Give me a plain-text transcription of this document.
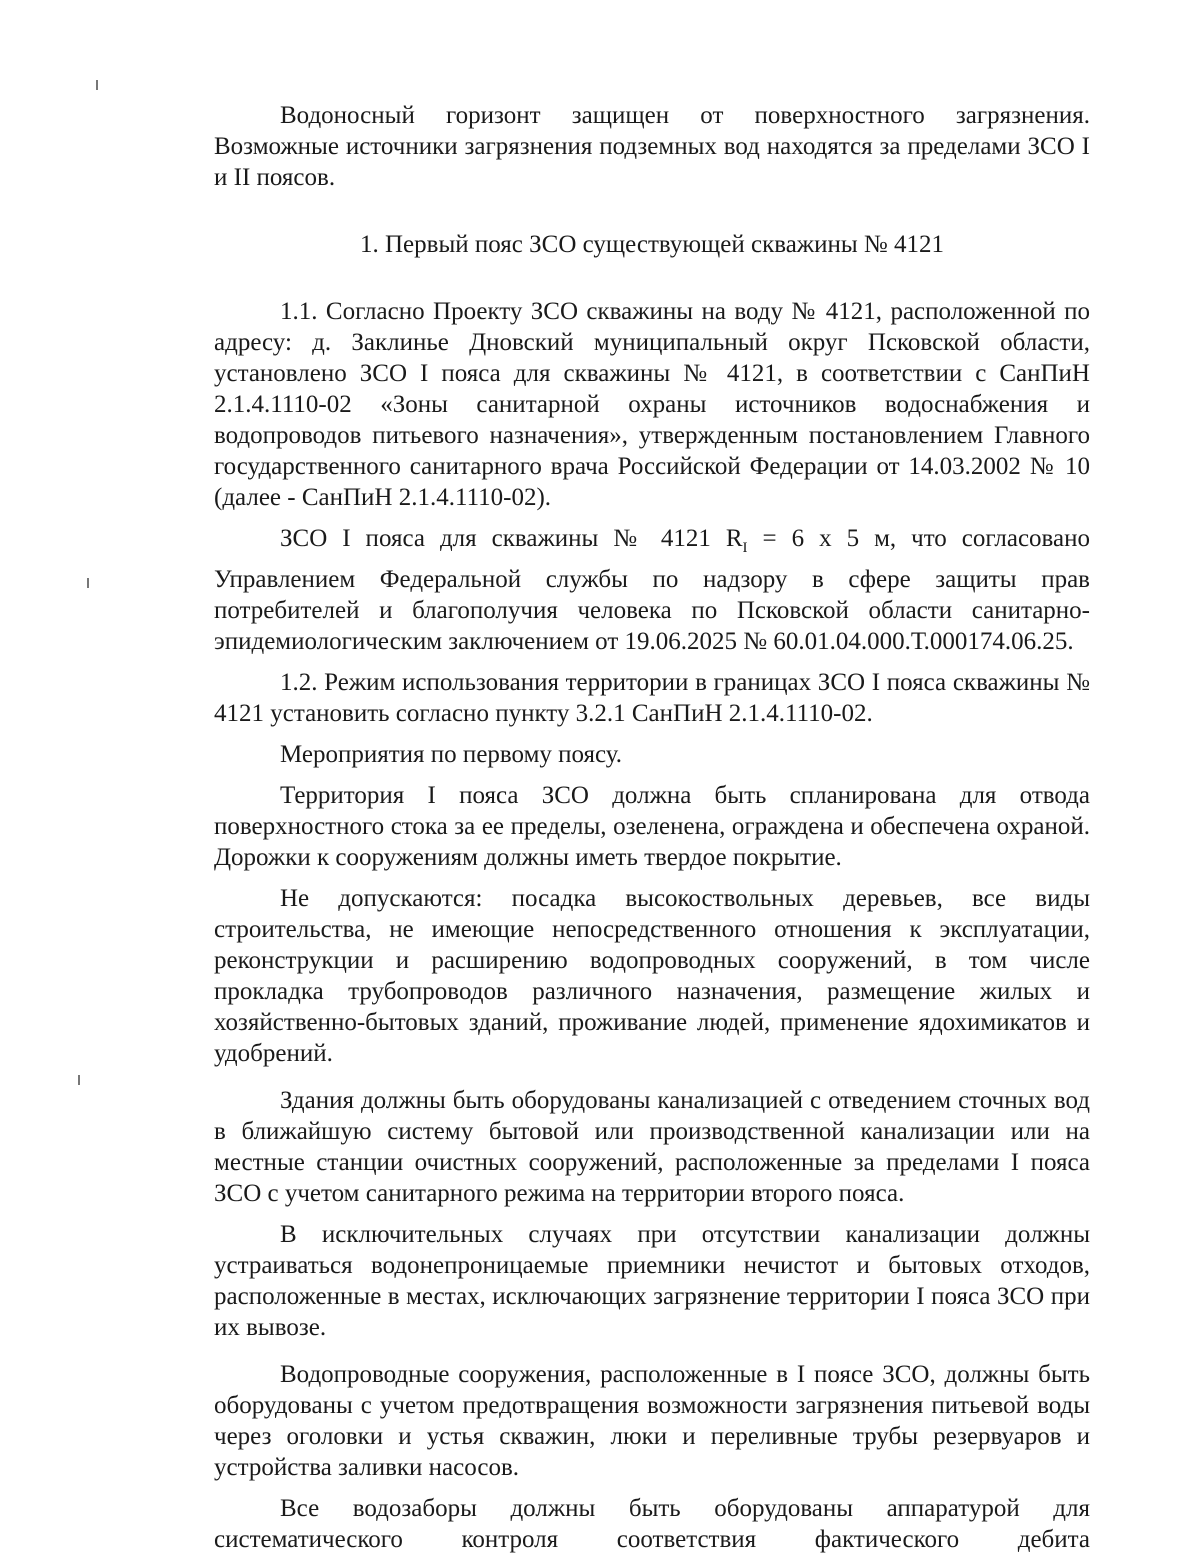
Водоносный горизонт защищен от поверхностного загрязнения. Возможные источники загрязнения подземных вод находятся за пределами ЗСО I и II поясов.

1. Первый пояс ЗСО существующей скважины № 4121

1.1. Согласно Проекту ЗСО скважины на воду № 4121, расположенной по адресу: д. Заклинье Дновский муниципальный округ Псковской области, установлено ЗСО I пояса для скважины № 4121, в соответствии с СанПиН 2.1.4.1110-02 «Зоны санитарной охраны источников водоснабжения и водопроводов питьевого назначения», утвержденным постановлением Главного государственного санитарного врача Российской Федерации от 14.03.2002 № 10 (далее - СанПиН 2.1.4.1110-02).

ЗСО I пояса для скважины № 4121 $R_I = 6$ х 5 м, что согласовано Управлением Федеральной службы по надзору в сфере защиты прав потребителей и благополучия человека по Псковской области санитарно-эпидемиологическим заключением от 19.06.2025 № 60.01.04.000.Т.000174.06.25.

1.2. Режим использования территории в границах ЗСО I пояса скважины № 4121 установить согласно пункту 3.2.1 СанПиН 2.1.4.1110-02.

Мероприятия по первому поясу.

Территория I пояса ЗСО должна быть спланирована для отвода поверхностного стока за ее пределы, озеленена, ограждена и обеспечена охраной. Дорожки к сооружениям должны иметь твердое покрытие.

Не допускаются: посадка высокоствольных деревьев, все виды строительства, не имеющие непосредственного отношения к эксплуатации, реконструкции и расширению водопроводных сооружений, в том числе прокладка трубопроводов различного назначения, размещение жилых и хозяйственно-бытовых зданий, проживание людей, применение ядохимикатов и удобрений.

Здания должны быть оборудованы канализацией с отведением сточных вод в ближайшую систему бытовой или производственной канализации или на местные станции очистных сооружений, расположенные за пределами I пояса ЗСО с учетом санитарного режима на территории второго пояса.

В исключительных случаях при отсутствии канализации должны устраиваться водонепроницаемые приемники нечистот и бытовых отходов, расположенные в местах, исключающих загрязнение территории I пояса ЗСО при их вывозе.

Водопроводные сооружения, расположенные в I поясе ЗСО, должны быть оборудованы с учетом предотвращения возможности загрязнения питьевой воды через оголовки и устья скважин, люки и переливные трубы резервуаров и устройства заливки насосов.

Все водозаборы должны быть оборудованы аппаратурой для систематического контроля соответствия фактического дебита
